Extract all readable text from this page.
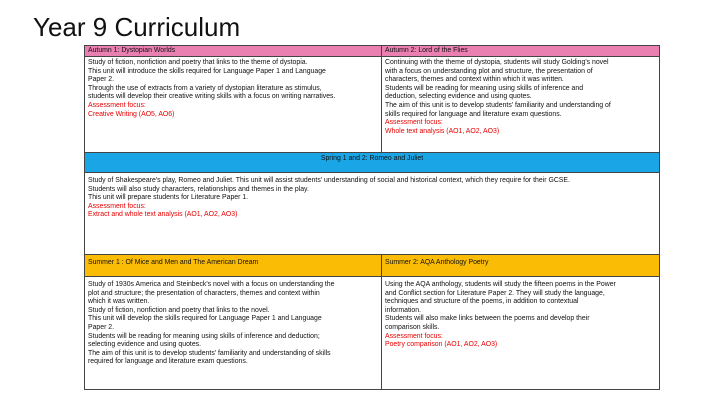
Year 9 Curriculum
Autumn 1: Dystopian Worlds	Autumn 2: Lord of the Flies
Study of fiction, nonfiction and poetry that links to the theme of dystopia.
This unit will introduce the skills required for Language Paper 1 and Language
Paper 2.
Through the use of extracts from a variety of dystopian literature as stimulus,
students will develop their creative writing skills with a focus on writing narratives.
Assessment focus:
Creative Writing (AO5, AO6)
Continuing with the theme of dystopia, students will study Golding's novel
with a focus on understanding plot and structure, the presentation of
characters, themes and context within which it was written.
Students will be reading for meaning using skills of inference and
deduction, selecting evidence and using quotes.
The aim of this unit is to develop students' familiarity and understanding of
skills required for language and literature exam questions.
Assessment focus:
Whole text analysis (AO1, AO2, AO3)
Spring 1 and 2: Romeo and Juliet
Study of Shakespeare's play, Romeo and Juliet. This unit will assist students' understanding of social and historical context, which they require for their GCSE.
Students will also study characters, relationships and themes in the play.
This unit will prepare students for Literature Paper 1.
Assessment focus:
Extract and whole text analysis (AO1, AO2, AO3)
Summer 1 : Of Mice and Men and The American Dream	Summer 2: AQA Anthology Poetry
Study of 1930s America and Steinbeck's novel with a focus on understanding the
plot and structure; the presentation of characters, themes and context within
which it was written.
Study of fiction, nonfiction and poetry that links to the novel.
This unit will develop the skills required for Language Paper 1 and Language
Paper 2.
Students will be reading for meaning using skills of inference and deduction;
selecting evidence and using quotes.
The aim of this unit is to develop students' familiarity and understanding of skills
required for language and literature exam questions.
Using the AQA anthology, students will study the fifteen poems in the Power
and Conflict section for Literature Paper 2. They will study the language,
techniques and structure of the poems, in addition to contextual
information.
Students will also make links between the poems and develop their
comparison skills.
Assessment focus:
Poetry comparison (AO1, AO2, AO3)
